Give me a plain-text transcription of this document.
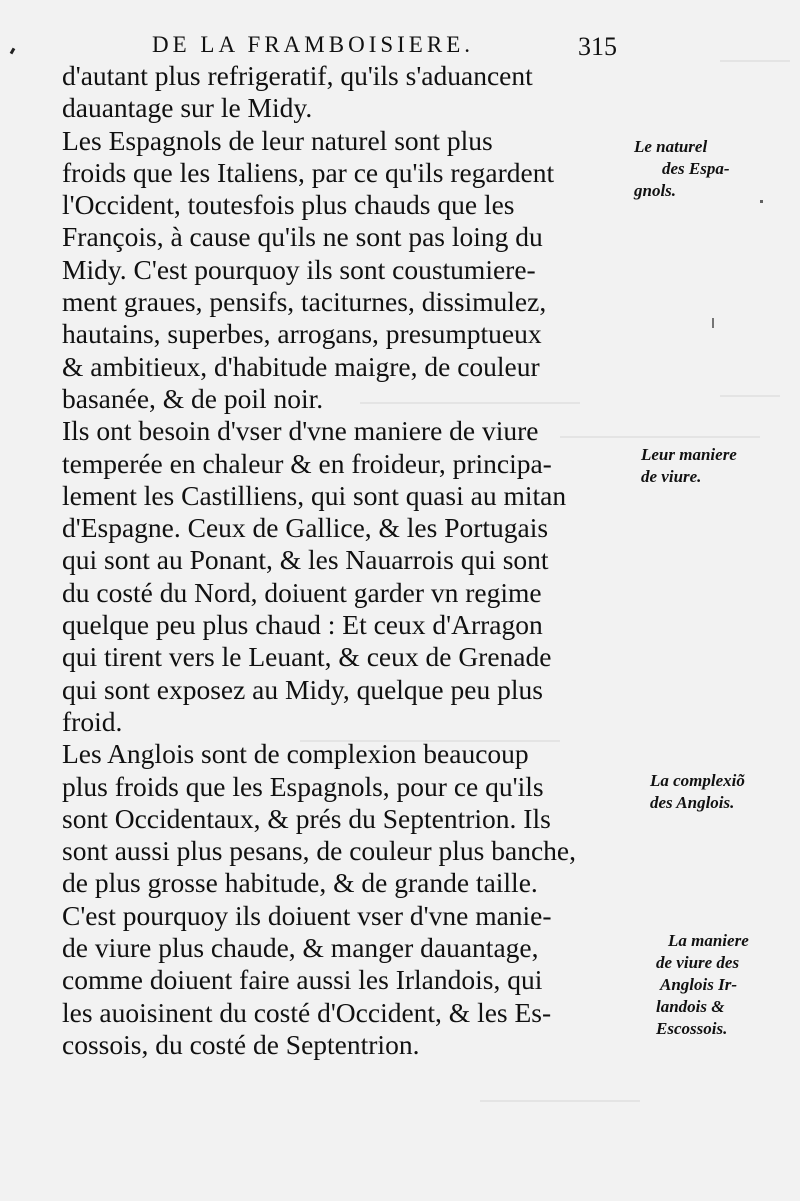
DE LA FRAMBOISIERE.	315
d'autant plus refrigeratif, qu'ils s'aduancent
dauantage sur le Midy.
Les Espagnols de leur naturel sont plus
froids que les Italiens, par ce qu'ils regardent
l'Occident, toutesfois plus chauds que les
François, à cause qu'ils ne sont pas loing du
Midy. C'est pourquoy ils sont coustumiere-
ment graues, pensifs, taciturnes, dissimulez,
hautains, superbes, arrogans, presumptueux
& ambitieux, d'habitude maigre, de couleur
basanée, & de poil noir.
Ils ont besoin d'vser d'vne maniere de viure
temperée en chaleur & en froideur, principa-
lement les Castilliens, qui sont quasi au mitan
d'Espagne. Ceux de Gallice, & les Portugais
qui sont au Ponant, & les Nauarrois qui sont
du costé du Nord, doiuent garder vn regime
quelque peu plus chaud : Et ceux d'Arragon
qui tirent vers le Leuant, & ceux de Grenade
qui sont exposez au Midy, quelque peu plus
froid.
Les Anglois sont de complexion beaucoup
plus froids que les Espagnols, pour ce qu'ils
sont Occidentaux, & prés du Septentrion. Ils
sont aussi plus pesans, de couleur plus banche,
de plus grosse habitude, & de grande taille.
C'est pourquoy ils doiuent vser d'vne manie-
de viure plus chaude, & manger dauantage,
comme doiuent faire aussi les Irlandois, qui
les auoisinent du costé d'Occident, & les Es-
cossois, du costé de Septentrion.
Le naturel
des Espa-
gnols.
Leur maniere
de viure.
La complexiõ
des Anglois.
La maniere
de viure des
Anglois Ir-
landois &
Escossois.
